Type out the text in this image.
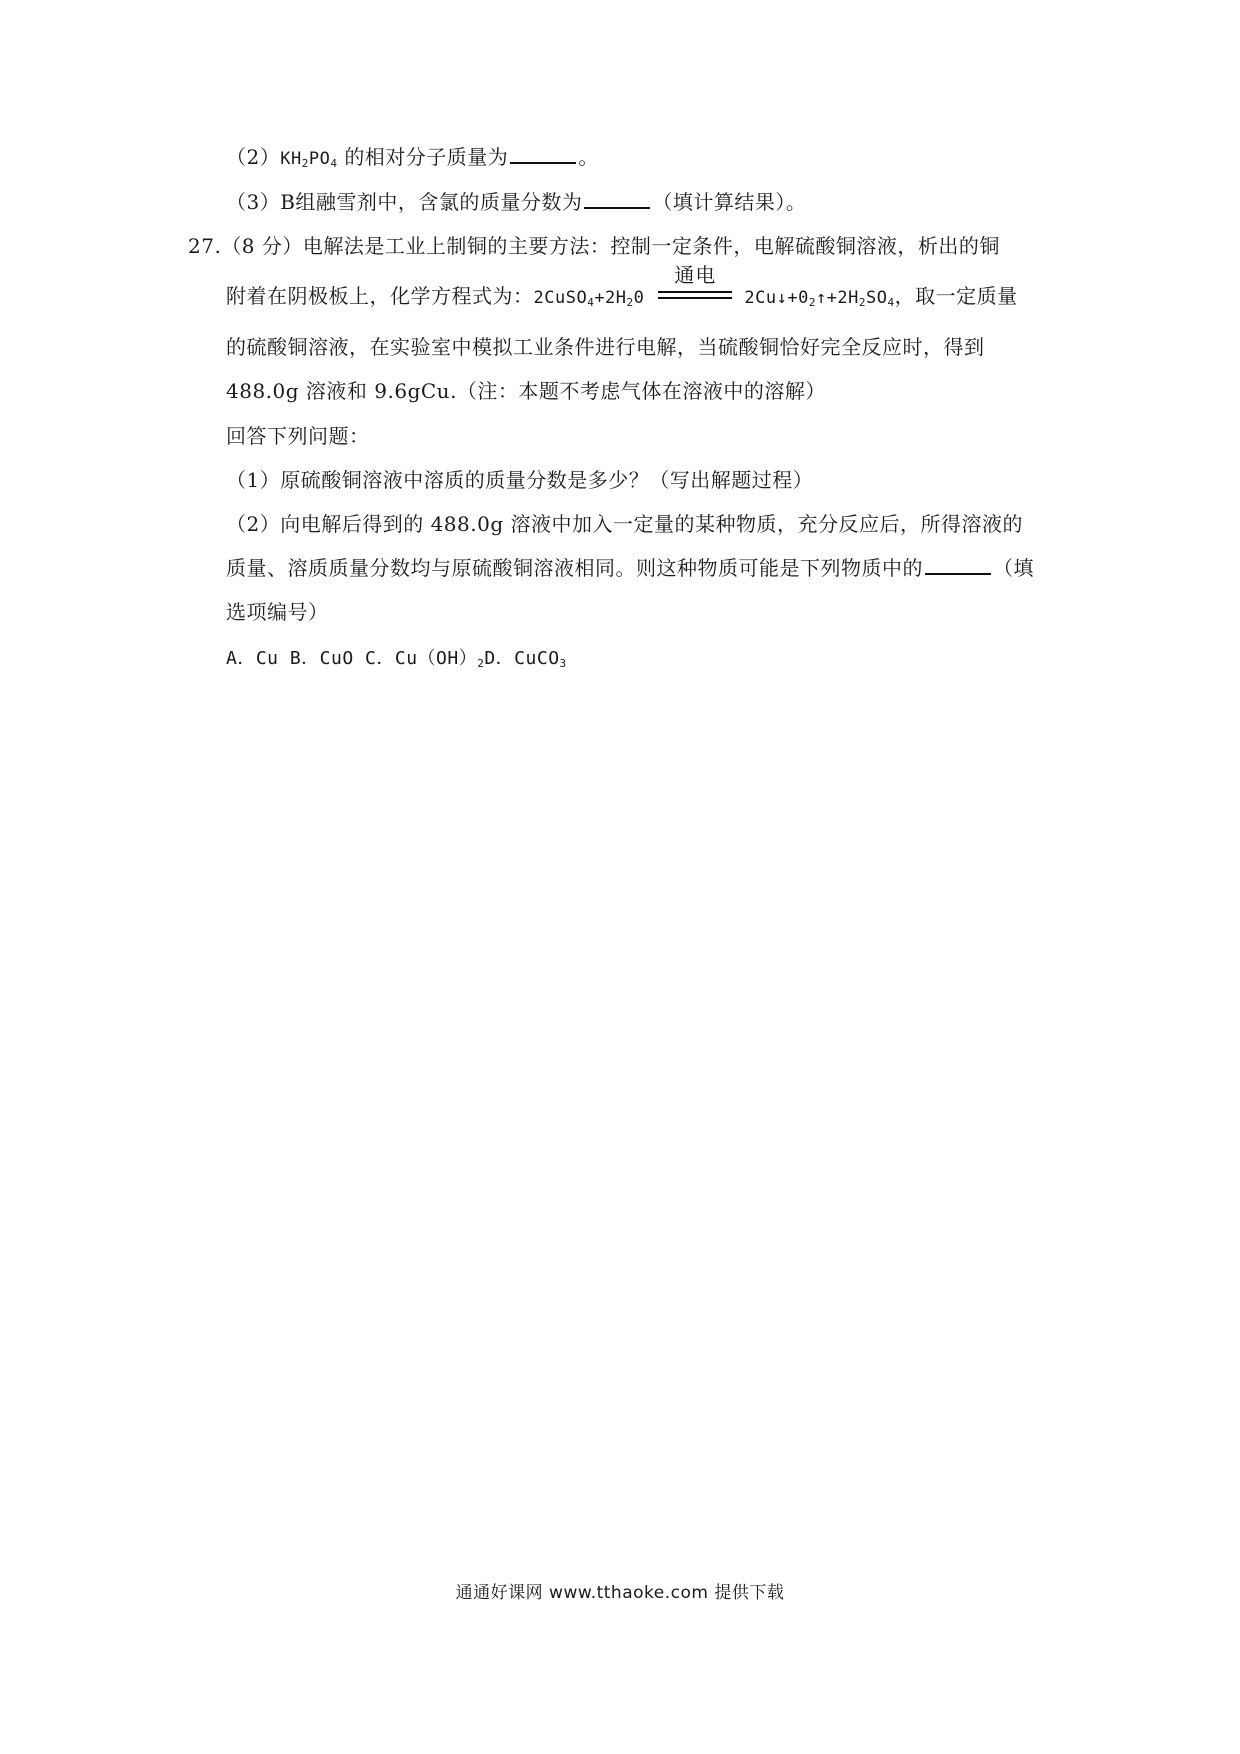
$(2)KH_2PO_4$ 的相对分子质量为	。
（3）B组融雪剂中，含氯的质量分数为	（填计算结果）。
27.（8 分）电解法是工业上制铜的主要方法：控制一定条件，电解硫酸铜溶液，析出的铜
附着在阴极板上，化学方程式为：$2CuSO_4+2H_20$
通电
$2Cu↓+0_2↑+2H_2SO_4$，取一定质量
的硫酸铜溶液，在实验室中模拟工业条件进行电解，当硫酸铜恰好完全反应时，得到
488.0g 溶液和 9.6gCu.（注：本题不考虑气体在溶液中的溶解）
回答下列问题：
（1）原硫酸铜溶液中溶质的质量分数是多少？（写出解题过程）
（2）向电解后得到的 488.0g 溶液中加入一定量的某种物质，充分反应后，所得溶液的
质量、溶质质量分数均与原硫酸铜溶液相同。则这种物质可能是下列物质中的	（填
选项编号）
A．Cu B．CuO C．$Cu(OH)_2D$．CuCO$_3$
通通好课网 www.tthaoke.com 提供下载
